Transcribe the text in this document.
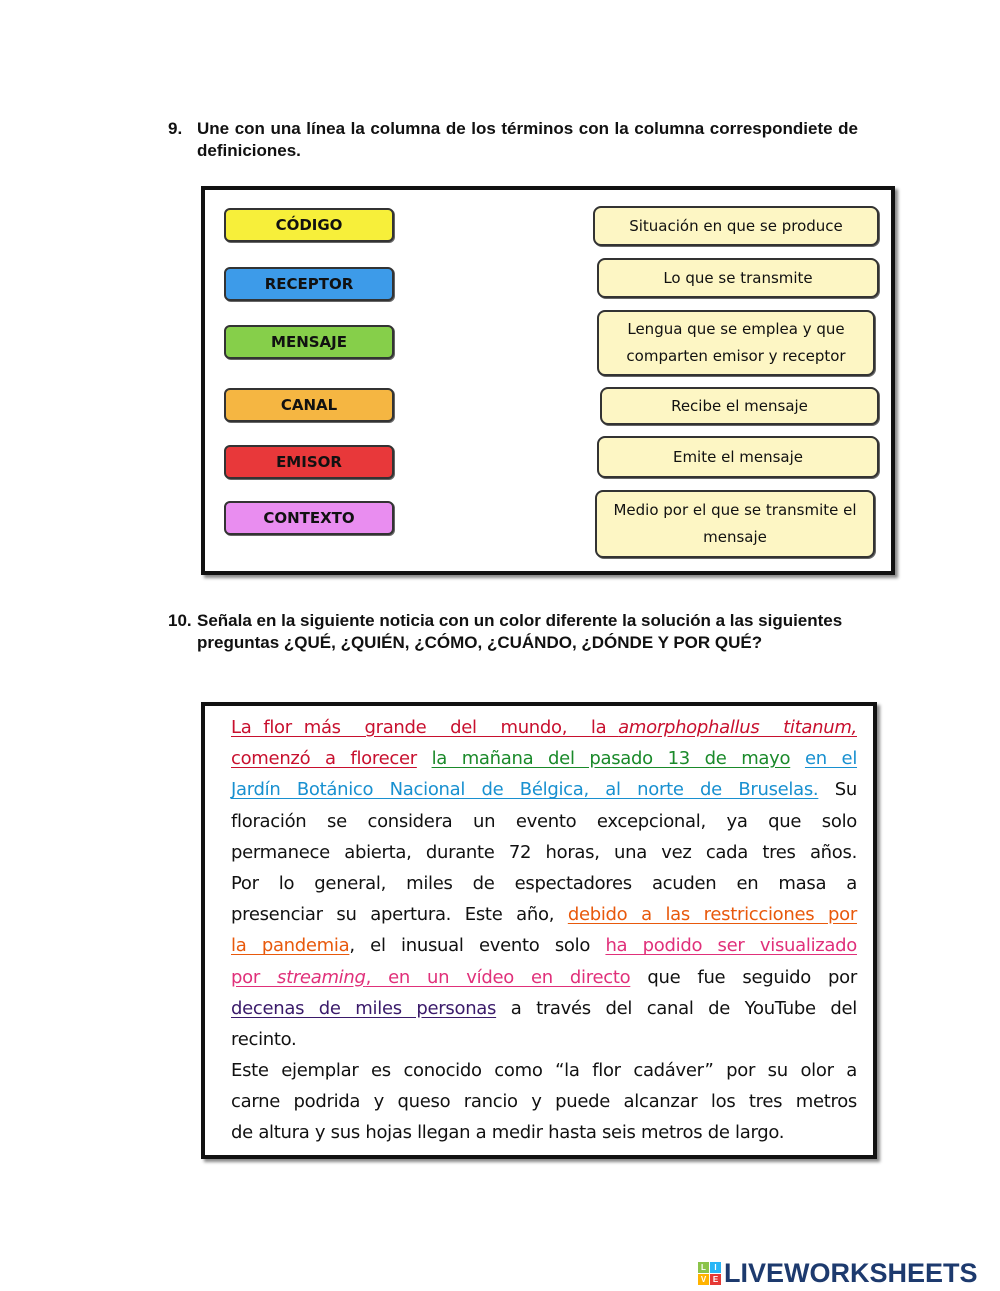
9. Une con una línea la columna de los términos con la columna correspondiete de definiciones.
CÓDIGO
RECEPTOR
MENSAJE
CANAL
EMISOR
CONTEXTO
Situación en que se produce
Lo que se transmite
Lengua que se emplea y que comparten emisor y receptor
Recibe el mensaje
Emite el mensaje
Medio por el que se transmite el mensaje
10. Señala en la siguiente noticia con un color diferente la solución a las siguientes preguntas ¿QUÉ, ¿QUIÉN, ¿CÓMO, ¿CUÁNDO, ¿DÓNDE Y POR QUÉ?
La flor más  grande  del  mundo,  la amorphophallus  titanum,
comenzó a florecer la mañana del pasado 13 de mayo en el
Jardín Botánico Nacional de Bélgica, al norte de Bruselas. Su
floración se considera un evento excepcional, ya que solo
permanece abierta, durante 72 horas, una vez cada tres años.
Por lo general, miles de espectadores acuden en masa a
presenciar su apertura. Este año, debido a las restricciones por
la pandemia, el inusual evento solo ha podido ser visualizado
por streaming, en un vídeo en directo que fue seguido por
decenas de miles personas a través del canal de YouTube del
recinto.
Este ejemplar es conocido como “la flor cadáver” por su olor a
carne podrida y queso rancio y puede alcanzar los tres metros
de altura y sus hojas llegan a medir hasta seis metros de largo.
L	I
V E LIVEWORKSHEETS
